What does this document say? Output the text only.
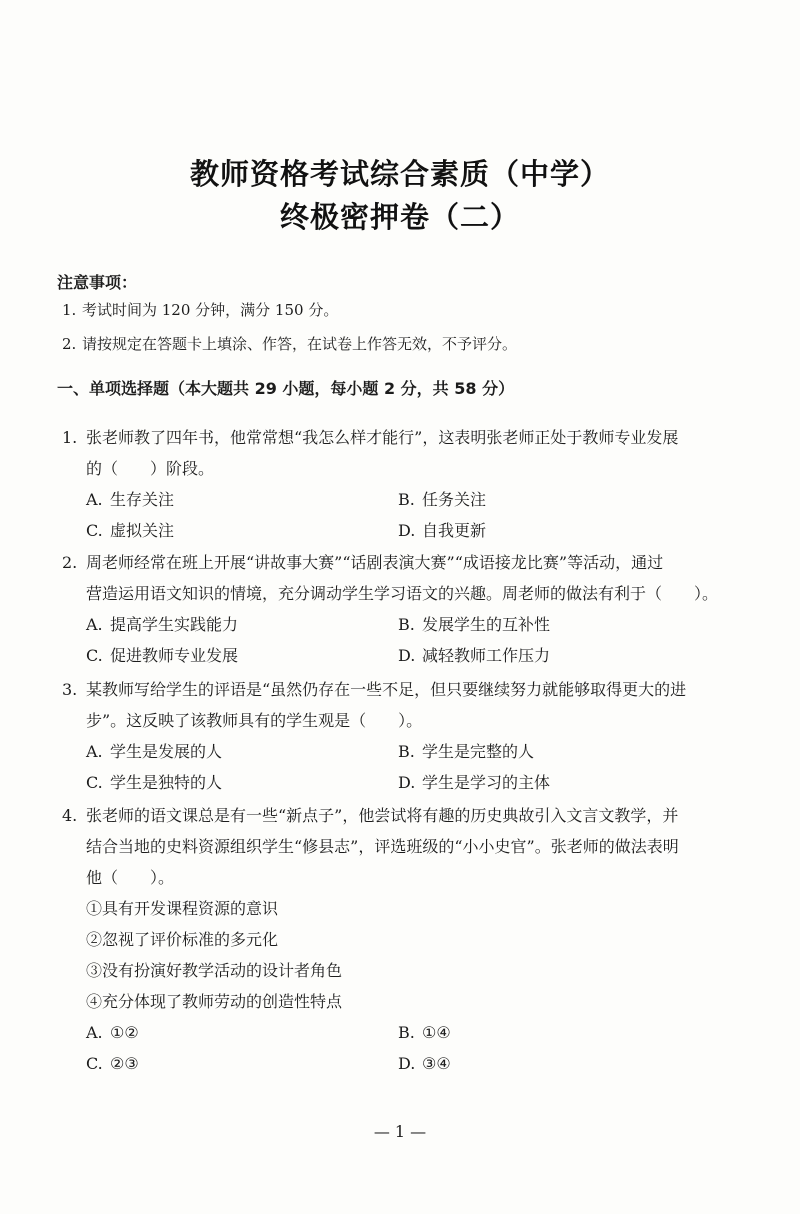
教师资格考试综合素质（中学）
终极密押卷（二）
注意事项：
1. 考试时间为 120 分钟，满分 150 分。
2. 请按规定在答题卡上填涂、作答，在试卷上作答无效，不予评分。
一、单项选择题（本大题共 29 小题，每小题 2 分，共 58 分）
1. 张老师教了四年书，他常常想“我怎么样才能行”，这表明张老师正处于教师专业发展
的（　　）阶段。
A. 生存关注	B. 任务关注
C. 虚拟关注	D. 自我更新
2. 周老师经常在班上开展“讲故事大赛”“话剧表演大赛”“成语接龙比赛”等活动，通过
营造运用语文知识的情境，充分调动学生学习语文的兴趣。周老师的做法有利于（　　）。
A. 提高学生实践能力	B. 发展学生的互补性
C. 促进教师专业发展	D. 减轻教师工作压力
3. 某教师写给学生的评语是“虽然仍存在一些不足，但只要继续努力就能够取得更大的进
步”。这反映了该教师具有的学生观是（　　）。
A. 学生是发展的人	B. 学生是完整的人
C. 学生是独特的人	D. 学生是学习的主体
4. 张老师的语文课总是有一些“新点子”，他尝试将有趣的历史典故引入文言文教学，并
结合当地的史料资源组织学生“修县志”，评选班级的“小小史官”。张老师的做法表明
他（　　）。
①具有开发课程资源的意识
②忽视了评价标准的多元化
③没有扮演好教学活动的设计者角色
④充分体现了教师劳动的创造性特点
A. ①②	B. ①④
C. ②③	D. ③④
— 1 —
